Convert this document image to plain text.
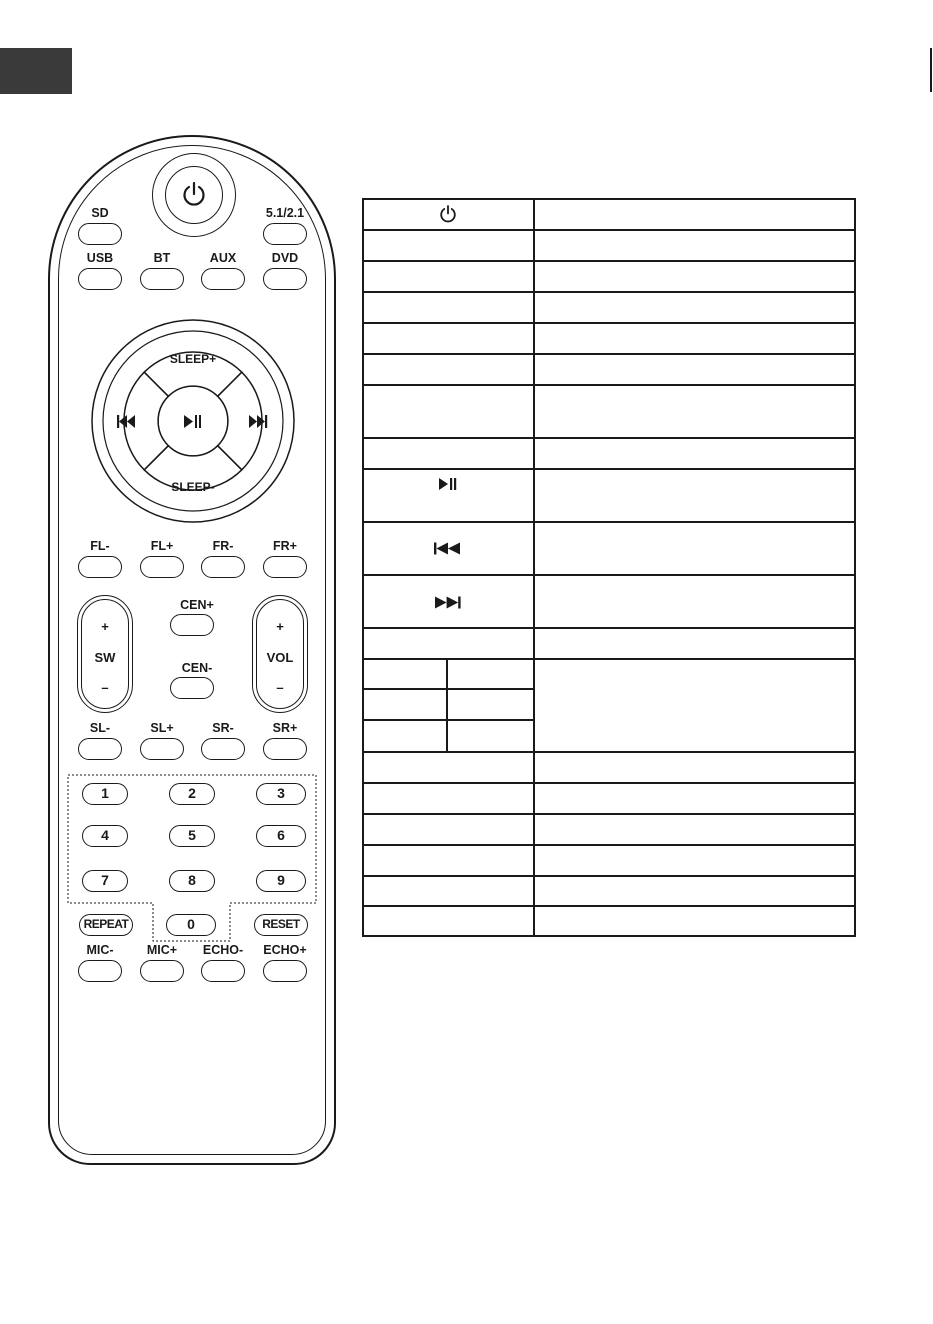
SD	5.1/2.1
USB	BT	AUX	DVD
SLEEP+
SLEEP-
FL-	FL+	FR-	FR+
+
SW
–
CEN+
CEN-
+
VOL
–
SL-	SL+	SR-	SR+
1	2	3
4	5	6
7	8	9
REPEAT	0	RESET
MIC-	MIC+	ECHO-	ECHO+
